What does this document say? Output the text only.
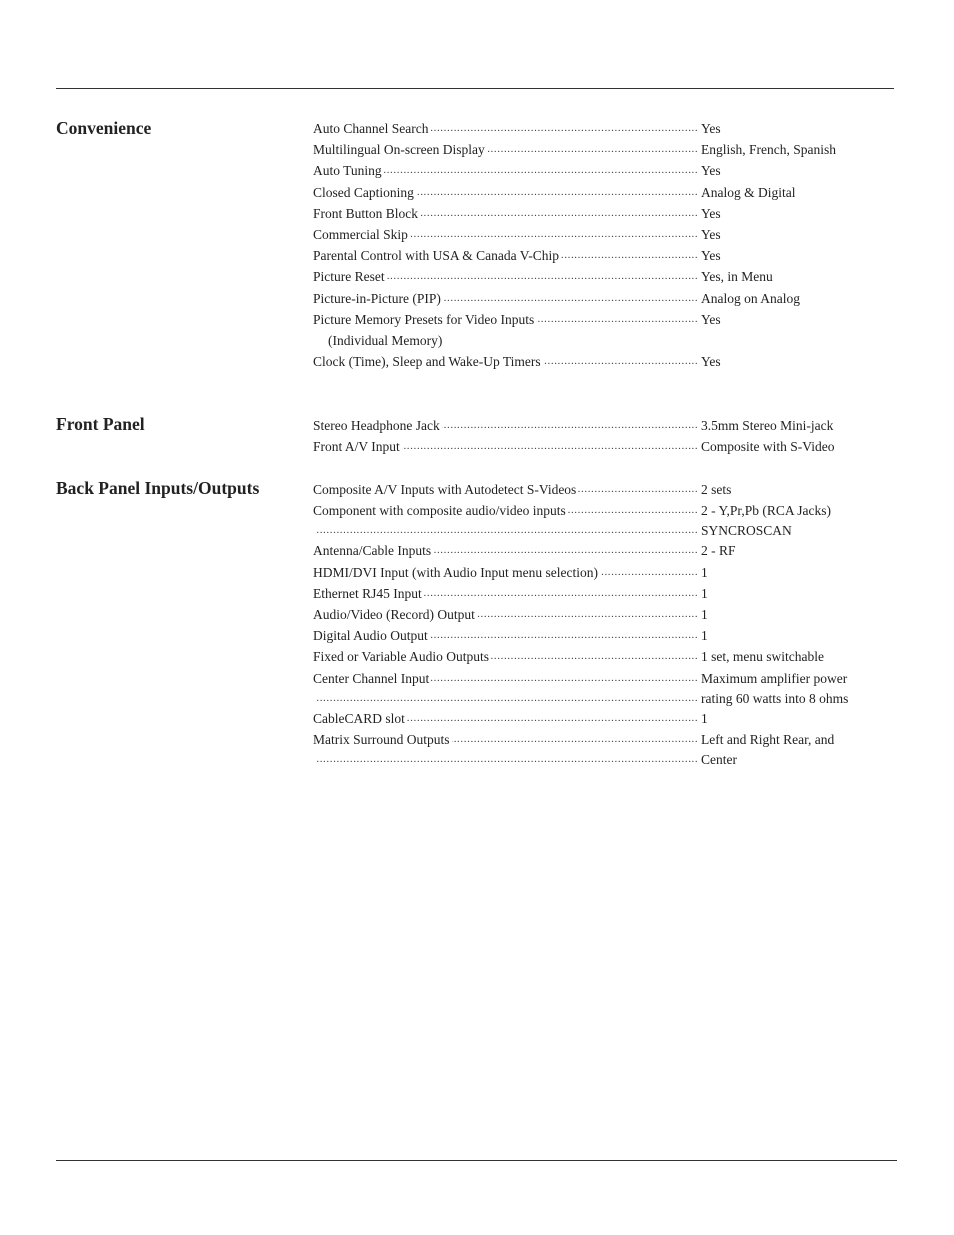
Convenience	Auto Channel Search .....	Yes
Multilingual On-screen Display .....	English, French, Spanish
Auto Tuning .....	Yes
Closed Captioning .....	Analog & Digital
Front Button Block .....	Yes
Commercial Skip .....	Yes
Parental Control with USA & Canada V-Chip .....	Yes
Picture Reset .....	Yes, in Menu
Picture-in-Picture (PIP) .....	Analog on Analog
Picture Memory Presets for Video Inputs .....	Yes
(Individual Memory)
Clock (Time), Sleep and Wake-Up Timers .....	Yes
Front Panel	Stereo Headphone Jack .....	3.5mm Stereo Mini-jack
Front A/V Input .....	Composite with S-Video
Back Panel Inputs/Outputs	Composite A/V Inputs with Autodetect S-Videos .....	2 sets
Component with composite audio/video inputs .....	2 - Y,Pr,Pb (RCA Jacks)
.....
SYNCROSCAN
Antenna/Cable Inputs .....	2 - RF
HDMI/DVI Input (with Audio Input menu selection) .....	1
Ethernet RJ45 Input .....	1
Audio/Video (Record) Output .....	1
Digital Audio Output .....	1
Fixed or Variable Audio Outputs .....	1 set, menu switchable
Center Channel Input .....	Maximum amplifier power
.....
rating 60 watts into 8 ohms
CableCARD slot .....	1
Matrix Surround Outputs .....	Left and Right Rear, and
.....
Center
